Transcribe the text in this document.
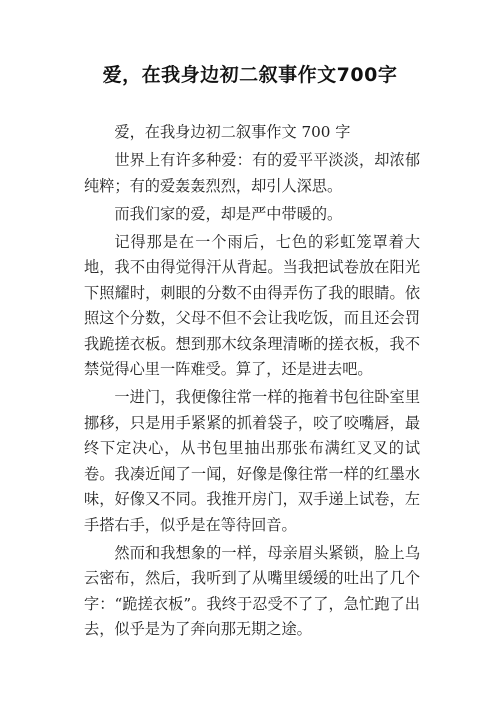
爱，在我身边初二叙事作文700字

爱，在我身边初二叙事作文 700 字

世界上有许多种爱：有的爱平平淡淡，却浓郁纯粹；有的爱轰轰烈烈，却引人深思。

而我们家的爱，却是严中带暖的。

记得那是在一个雨后，七色的彩虹笼罩着大地，我不由得觉得汗从背起。当我把试卷放在阳光下照耀时，刺眼的分数不由得弄伤了我的眼睛。依照这个分数，父母不但不会让我吃饭，而且还会罚我跪搓衣板。想到那木纹条理清晰的搓衣板，我不禁觉得心里一阵难受。算了，还是进去吧。

一进门，我便像往常一样的拖着书包往卧室里挪移，只是用手紧紧的抓着袋子，咬了咬嘴唇，最终下定决心，从书包里抽出那张布满红叉叉的试卷。我凑近闻了一闻，好像是像往常一样的红墨水味，好像又不同。我推开房门，双手递上试卷，左手搭右手，似乎是在等待回音。

然而和我想象的一样，母亲眉头紧锁，脸上乌云密布，然后，我听到了从嘴里缓缓的吐出了几个字：“跪搓衣板”。我终于忍受不了了，急忙跑了出去，似乎是为了奔向那无期之途。
